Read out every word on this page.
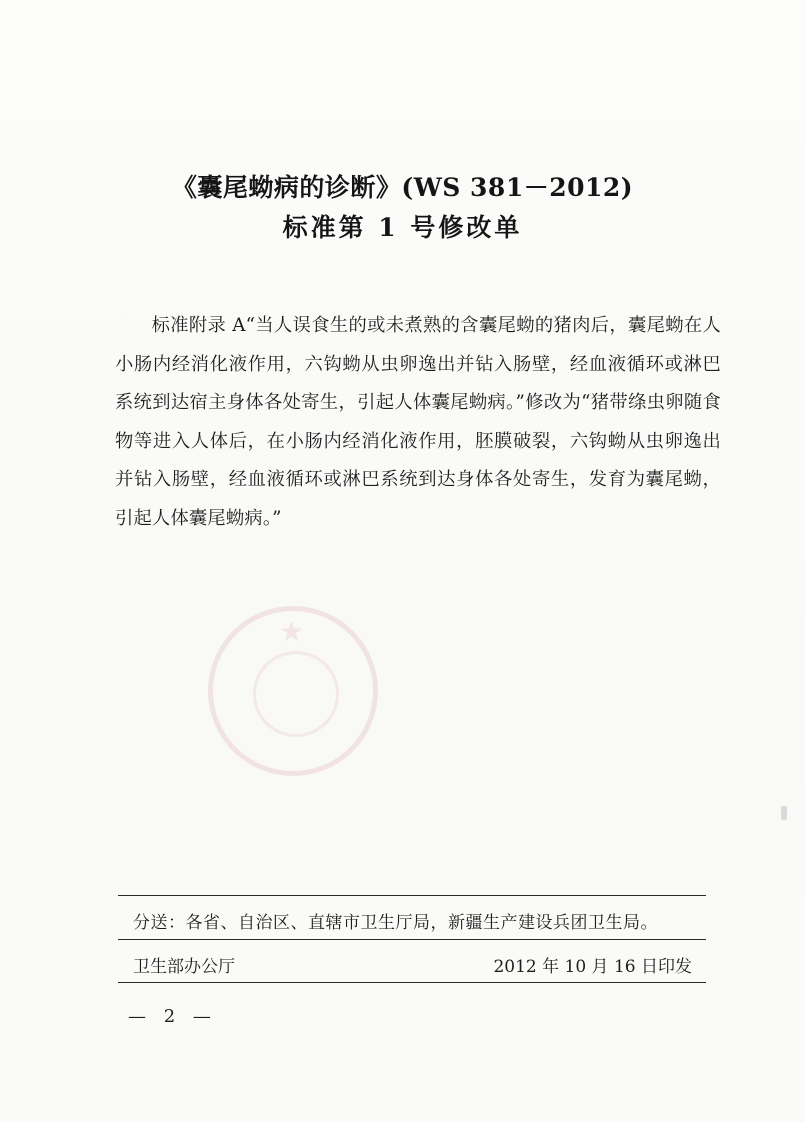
★
《囊尾蚴病的诊断》(WS 381－2012)
标准第 1 号修改单
标准附录 A“当人误食生的或未煮熟的含囊尾蚴的猪肉后，囊尾蚴在人小肠内经消化液作用，六钩蚴从虫卵逸出并钻入肠壁，经血液循环或淋巴系统到达宿主身体各处寄生，引起人体囊尾蚴病。”修改为“猪带绦虫卵随食物等进入人体后，在小肠内经消化液作用，胚膜破裂，六钩蚴从虫卵逸出并钻入肠壁，经血液循环或淋巴系统到达身体各处寄生，发育为囊尾蚴，引起人体囊尾蚴病。”
分送：各省、自治区、直辖市卫生厅局，新疆生产建设兵团卫生局。
卫生部办公厅	2012 年 10 月 16 日印发
— 2 —
